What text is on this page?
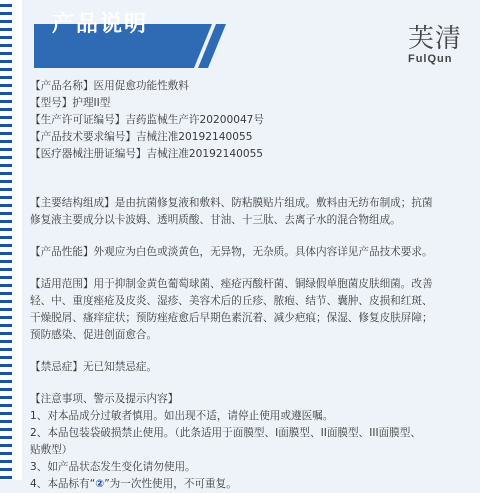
产品说明	芙清
FulQun
【产品名称】医用促愈功能性敷料
【型号】护理II型
【生产许可证编号】吉药监械生产许20200047号
【产品技术要求编号】吉械注准20192140055
【医疗器械注册证编号】吉械注准20192140055
【主要结构组成】是由抗菌修复液和敷料、防粘膜贴片组成。敷料由无纺布制成；抗菌
修复液主要成分以卡波姆、透明质酸、甘油、十三肽、去离子水的混合物组成。
【产品性能】外观应为白色或淡黄色，无异物，无杂质。具体内容详见产品技术要求。
【适用范围】用于抑制金黄色葡萄球菌、痤疮丙酸杆菌、铜绿假单胞菌皮肤细菌。改善
轻、中、重度痤疮及皮炎、湿疹、美容术后的丘疹、脓疱、结节、囊肿、皮损和红斑、
干燥脱屑、瘙痒症状；预防痤疮愈后早期色素沉着、减少疤痕；保湿、修复皮肤屏障；
预防感染、促进创面愈合。
【禁忌症】无已知禁忌症。
【注意事项、警示及提示内容】
1、对本品成分过敏者慎用。如出现不适，请停止使用或遵医嘱。
2、本品包装袋破损禁止使用。（此条适用于面膜型、I面膜型、II面膜型、III面膜型、
贴敷型）
3、如产品状态发生变化请勿使用。
4、本品标有“②”为一次性使用，不可重复。
